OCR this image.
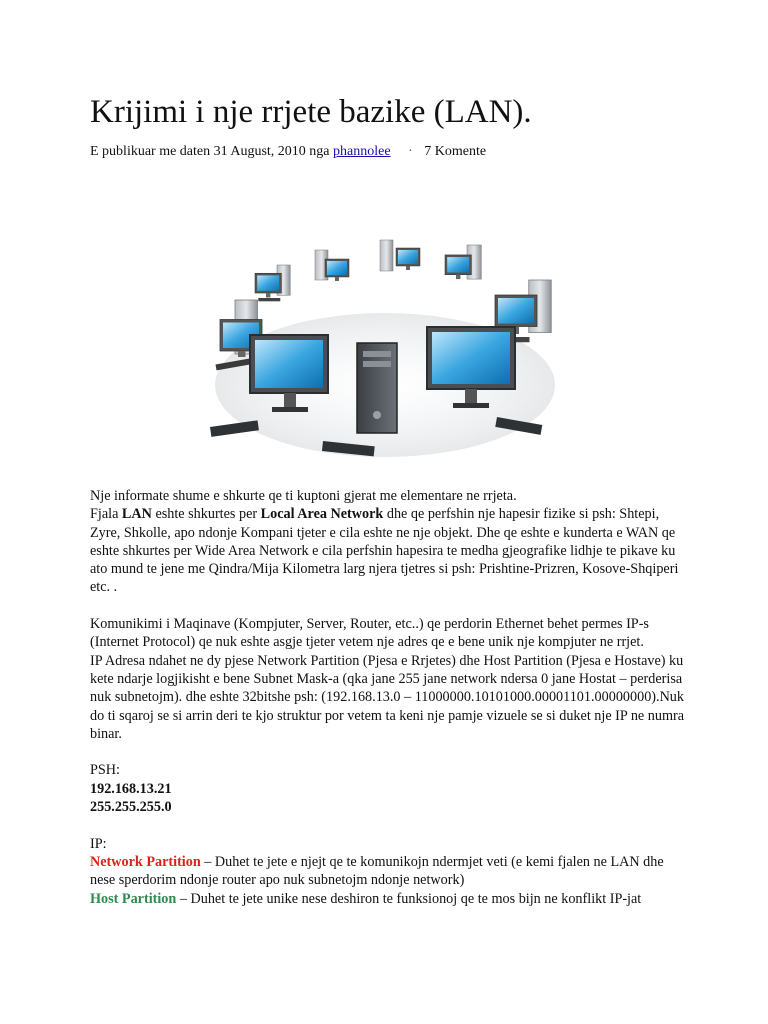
Krijimi i nje rrjete bazike (LAN).
E publikuar me daten 31 August, 2010 nga phannolee · 7 Komente

Nje informate shume e shkurte qe ti kuptoni gjerat me elementare ne rrjeta.

Fjala LAN eshte shkurtes per Local Area Network dhe qe perfshin nje hapesir fizike si psh: Shtepi, Zyre, Shkolle, apo ndonje Kompani tjeter e cila eshte ne nje objekt. Dhe qe eshte e kunderta e WAN qe eshte shkurtes per Wide Area Network e cila perfshin hapesira te medha gjeografike lidhje te pikave ku ato mund te jene me Qindra/Mija Kilometra larg njera tjetres si psh: Prishtine-Prizren, Kosove-Shqiperi etc. .

Komunikimi i Maqinave (Kompjuter, Server, Router, etc..) qe perdorin Ethernet behet permes IP-s (Internet Protocol) qe nuk eshte asgje tjeter vetem nje adres qe e bene unik nje kompjuter ne rrjet.

IP Adresa ndahet ne dy pjese Network Partition (Pjesa e Rrjetes) dhe Host Partition (Pjesa e Hostave) ku kete ndarje logjikisht e bene Subnet Mask-a (qka jane 255 jane network ndersa 0 jane Hostat – perderisa nuk subnetojm). dhe eshte 32bitshe psh: (192.168.13.0 – 11000000.10101000.00001101.00000000).Nuk do ti sqaroj se si arrin deri te kjo struktur por vetem ta keni nje pamje vizuele se si duket nje IP ne numra binar.

PSH:

192.168.13.21

255.255.255.0

IP:

Network Partition – Duhet te jete e njejt qe te komunikojn ndermjet veti (e kemi fjalen ne LAN dhe nese sperdorim ndonje router apo nuk subnetojm ndonje network)

Host Partition – Duhet te jete unike nese deshiron te funksionoj qe te mos bijn ne konflikt IP-jat
